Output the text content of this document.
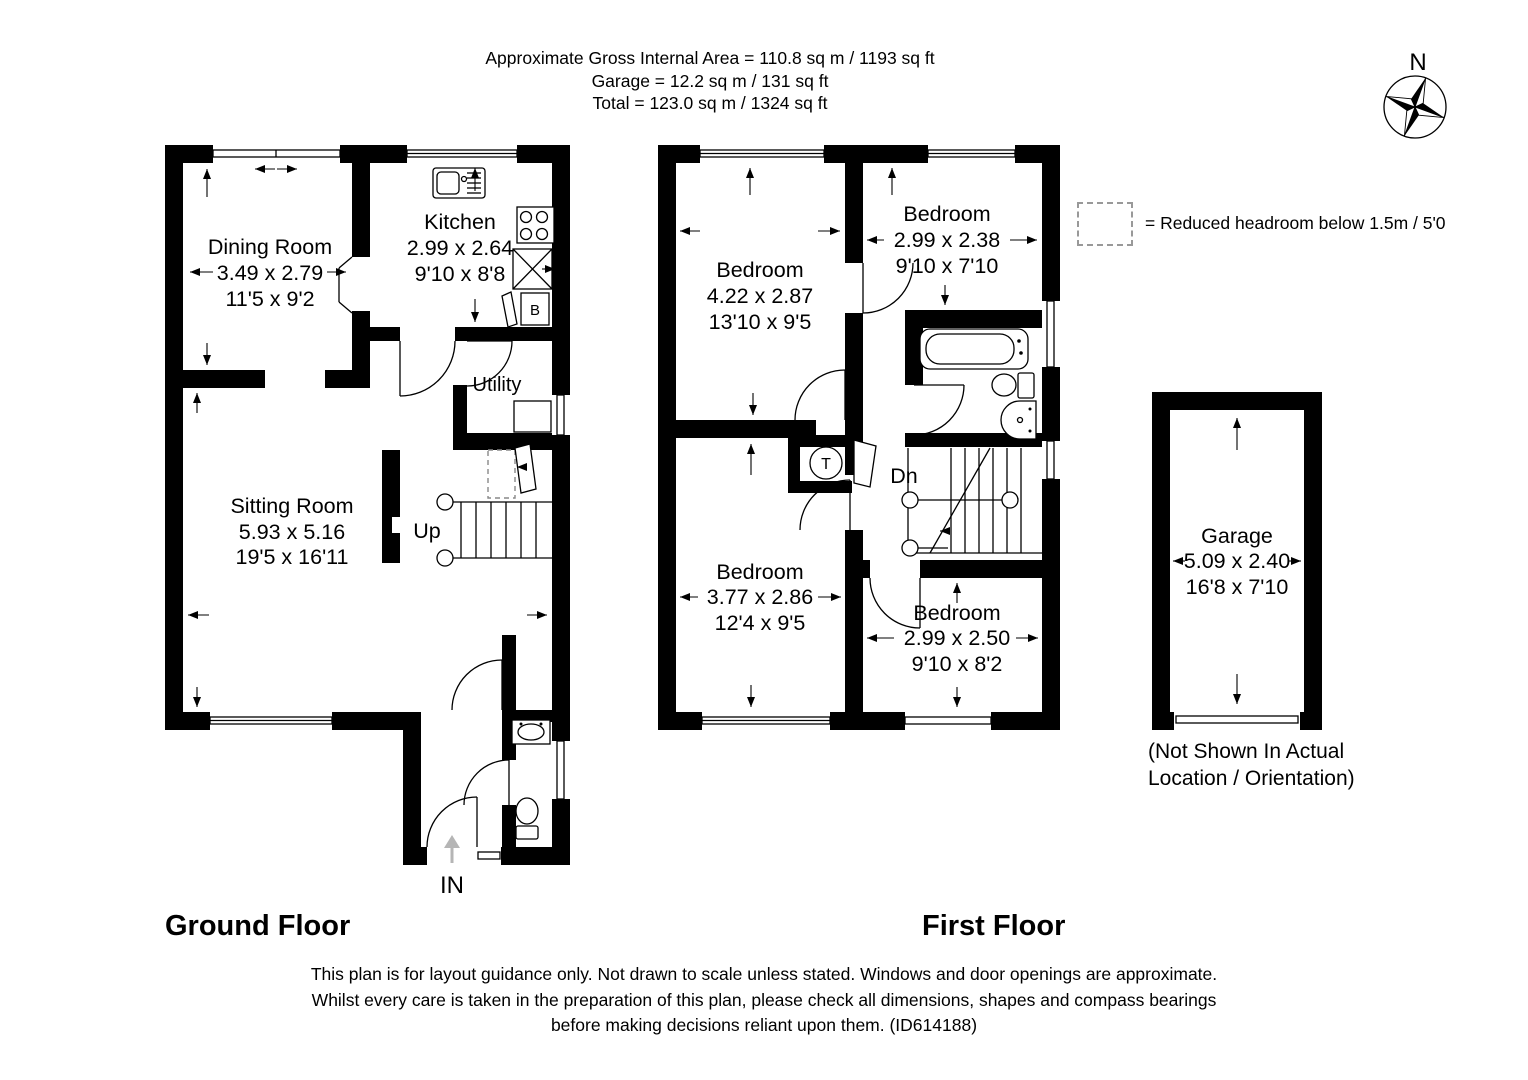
Approximate Gross Internal Area = 110.8 sq m / 1193 sq ft
Garage = 12.2 sq m / 131 sq ft
Total = 123.0 sq m / 1324 sq ft
N
= Reduced headroom below 1.5m / 5'0
B
Dining Room
3.49 x 2.79
11'5 x 9'2
Kitchen
2.99 x 2.64
9'10 x 8'8
Sitting Room
5.93 x 5.16
19'5 x 16'11
Utility
Up
IN
T
Bedroom
4.22 x 2.87
13'10 x 9'5
Bedroom
2.99 x 2.38
9'10 x 7'10
Bedroom
3.77 x 2.86
12'4 x 9'5	Bedroom
2.99 x 2.50
9'10 x 8'2
Dn
Garage
5.09 x 2.40
16'8 x 7'10
(Not Shown In Actual
Location / Orientation)
Ground Floor	First Floor
This plan is for layout guidance only. Not drawn to scale unless stated. Windows and door openings are approximate.
Whilst every care is taken in the preparation of this plan, please check all dimensions, shapes and compass bearings
before making decisions reliant upon them. (ID614188)
